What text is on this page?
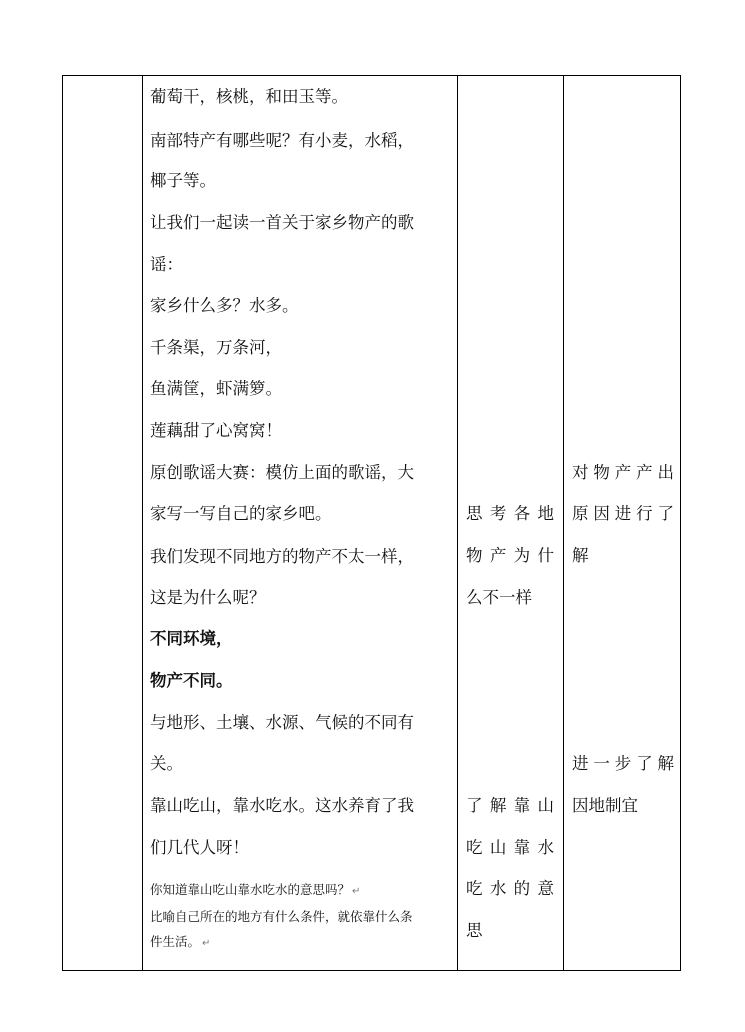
葡萄干，核桃，和田玉等。
南部特产有哪些呢？有小麦，水稻，
椰子等。
让我们一起读一首关于家乡物产的歌
谣：
家乡什么多？水多。
千条渠，万条河，
鱼满筐，虾满箩。
莲藕甜了心窝窝！
原创歌谣大赛：模仿上面的歌谣，大
家写一写自己的家乡吧。
我们发现不同地方的物产不太一样，
这是为什么呢？
不同环境，
物产不同。
与地形、土壤、水源、气候的不同有
关。
靠山吃山，靠水吃水。这水养育了我
们几代人呀！
你知道靠山吃山靠水吃水的意思吗？ ↵
比喻自己所在的地方有什么条件，就依靠什么条
件生活。 ↵
思 考 各 地
物 产 为 什
么不一样
了 解 靠 山
吃 山 靠 水
吃 水 的 意
思
对 物 产 产 出
原 因 进 行 了
解
进 一 步 了 解
因地制宜
